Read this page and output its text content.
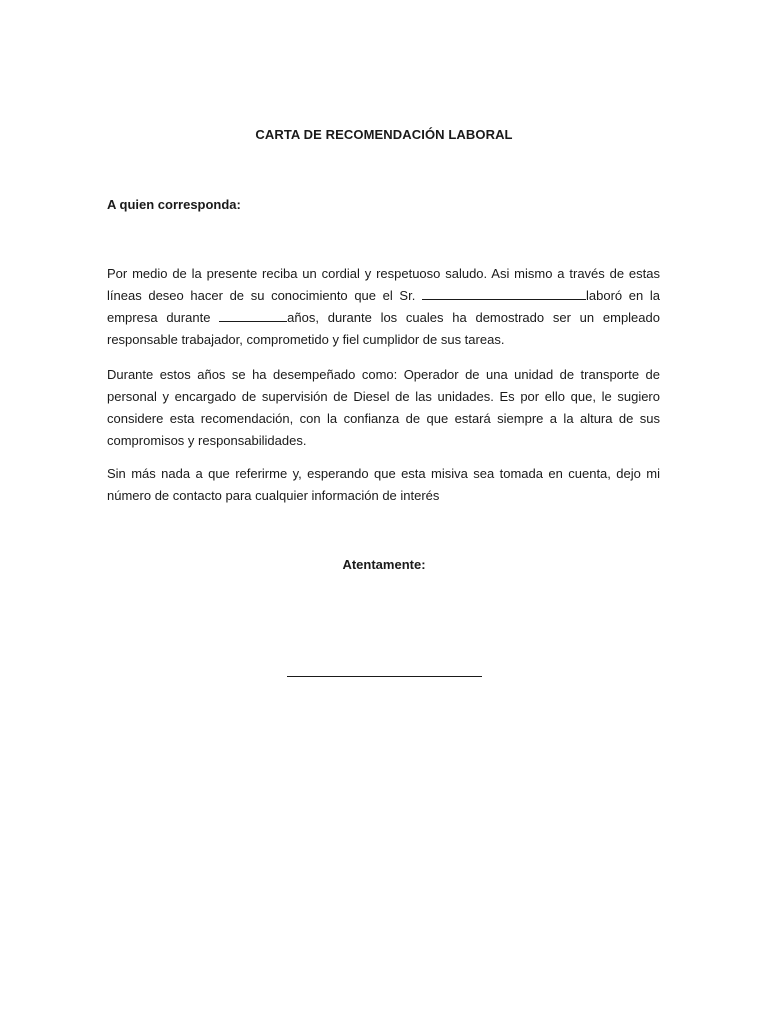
CARTA DE RECOMENDACIÓN LABORAL
A quien corresponda:
Por medio de la presente reciba un cordial y respetuoso saludo. Asi mismo a través de estas líneas deseo hacer de su conocimiento que el Sr.	laboró en la empresa durante	años, durante los cuales ha demostrado ser un empleado responsable trabajador, comprometido y fiel cumplidor de sus tareas.
Durante estos años se ha desempeñado como: Operador de una unidad de transporte de personal y encargado de supervisión de Diesel de las unidades. Es por ello que, le sugiero considere esta recomendación, con la confianza de que estará siempre a la altura de sus compromisos y responsabilidades.
Sin más nada a que referirme y, esperando que esta misiva sea tomada en cuenta, dejo mi número de contacto para cualquier información de interés
Atentamente:
